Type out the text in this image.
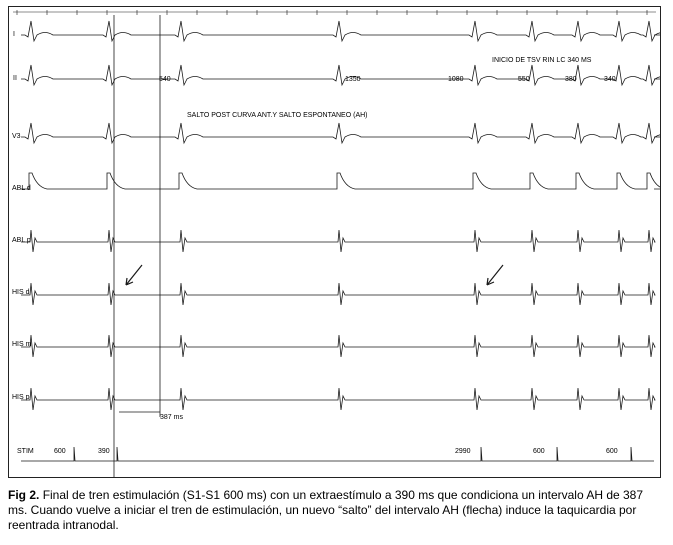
I
II
V3
ABL d
ABL p
HIS d
HIS m
HIS p
STIM
540	1350	1080	550	380	340
INICIO DE TSV RIN LC 340 MS
SALTO POST CURVA ANT.Y SALTO ESPONTANEO (AH)
387 ms
600	390	2990	600	600
Fig 2. Final de tren estimulación (S1-S1 600 ms) con un extraestímulo a 390 ms que condiciona un intervalo AH de 387 ms. Cuando vuelve a iniciar el tren de estimulación, un nuevo “salto” del intervalo AH (flecha) induce la taquicardia por reentrada intranodal.
